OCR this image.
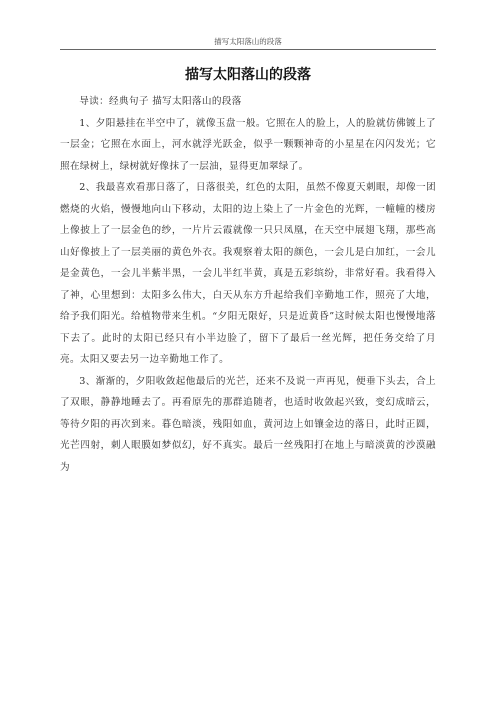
描写太阳落山的段落
描写太阳落山的段落

导读：经典句子 描写太阳落山的段落

1、夕阳悬挂在半空中了，就像玉盘一般。它照在人的脸上，人的脸就仿佛镀上了一层金；它照在水面上，河水就浮光跃金，似乎一颗颗神奇的小星星在闪闪发光；它照在绿树上，绿树就好像抹了一层油，显得更加翠绿了。

2、我最喜欢看那日落了，日落很美，红色的太阳，虽然不像夏天刺眼，却像一团燃烧的火焰，慢慢地向山下移动，太阳的边上染上了一片金色的光辉，一幢幢的楼房上像披上了一层金色的纱，一片片云霞就像一只只凤凰，在天空中展翅飞翔，那些高山好像披上了一层美丽的黄色外衣。我观察着太阳的颜色，一会儿是白加红，一会儿是金黄色，一会儿半紫半黑，一会儿半红半黄，真是五彩缤纷，非常好看。我看得入了神，心里想到：太阳多么伟大，白天从东方升起给我们辛勤地工作，照亮了大地，给予我们阳光。给植物带来生机。“夕阳无限好，只是近黄昏”这时候太阳也慢慢地落下去了。此时的太阳已经只有小半边脸了，留下了最后一丝光辉，把任务交给了月亮。太阳又要去另一边辛勤地工作了。

3、渐渐的，夕阳收敛起他最后的光芒，还来不及说一声再见，便垂下头去，合上了双眼，静静地睡去了。再看原先的那群追随者，也适时收敛起兴致，变幻成暗云，等待夕阳的再次到来。暮色暗淡，残阳如血，黄河边上如镶金边的落日，此时正圆，光芒四射，刺人眼膜如梦似幻，好不真实。最后一丝残阳打在地上与暗淡黄的沙漠融为
